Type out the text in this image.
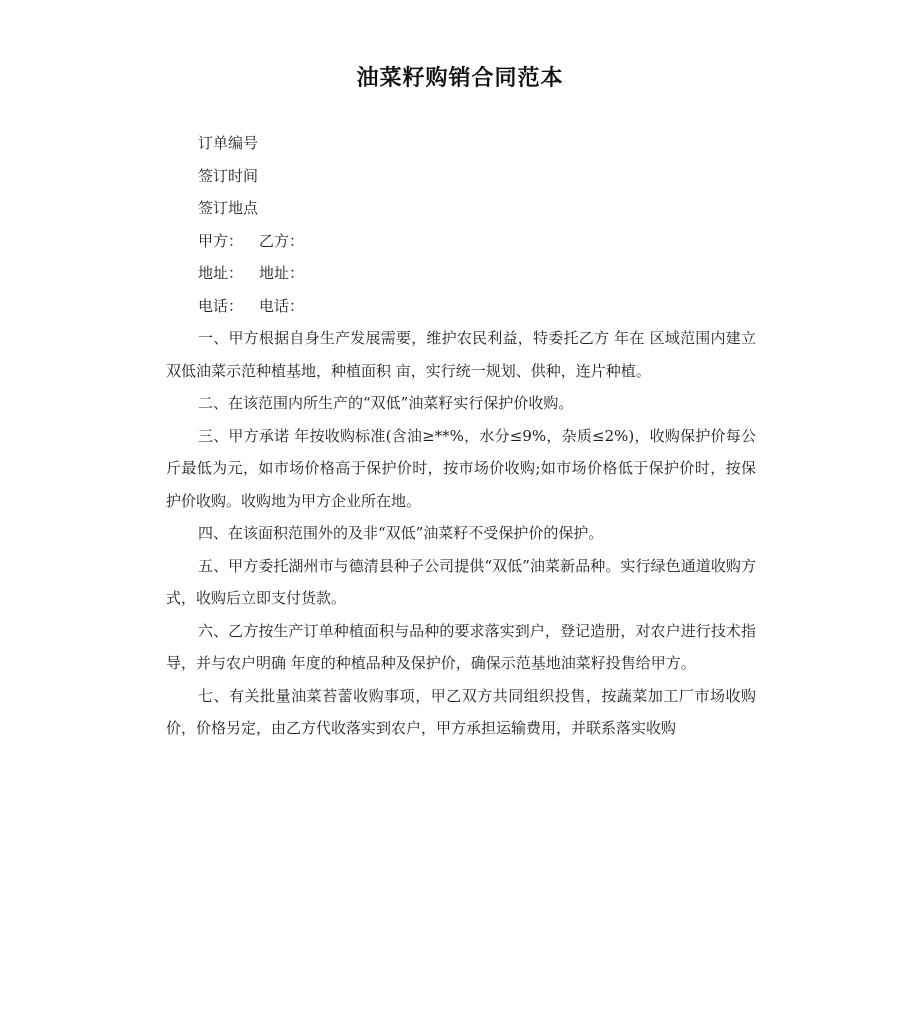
油菜籽购销合同范本

订单编号

签订时间

签订地点

甲方： 乙方：

地址： 地址：

电话： 电话：

一、甲方根据自身生产发展需要，维护农民利益，特委托乙方 年在 区域范围内建立双低油菜示范种植基地，种植面积 亩，实行统一规划、供种，连片种植。

二、在该范围内所生产的“双低”油菜籽实行保护价收购。

三、甲方承诺 年按收购标准(含油≥**%，水分≤9%，杂质≤2%)，收购保护价每公斤最低为元，如市场价格高于保护价时，按市场价收购;如市场价格低于保护价时，按保护价收购。收购地为甲方企业所在地。

四、在该面积范围外的及非“双低”油菜籽不受保护价的保护。

五、甲方委托湖州市与德清县种子公司提供“双低”油菜新品种。实行绿色通道收购方式，收购后立即支付货款。

六、乙方按生产订单种植面积与品种的要求落实到户，登记造册，对农户进行技术指导，并与农户明确 年度的种植品种及保护价，确保示范基地油菜籽投售给甲方。

七、有关批量油菜苔蕾收购事项，甲乙双方共同组织投售，按蔬菜加工厂市场收购价，价格另定，由乙方代收落实到农户，甲方承担运输费用，并联系落实收购
